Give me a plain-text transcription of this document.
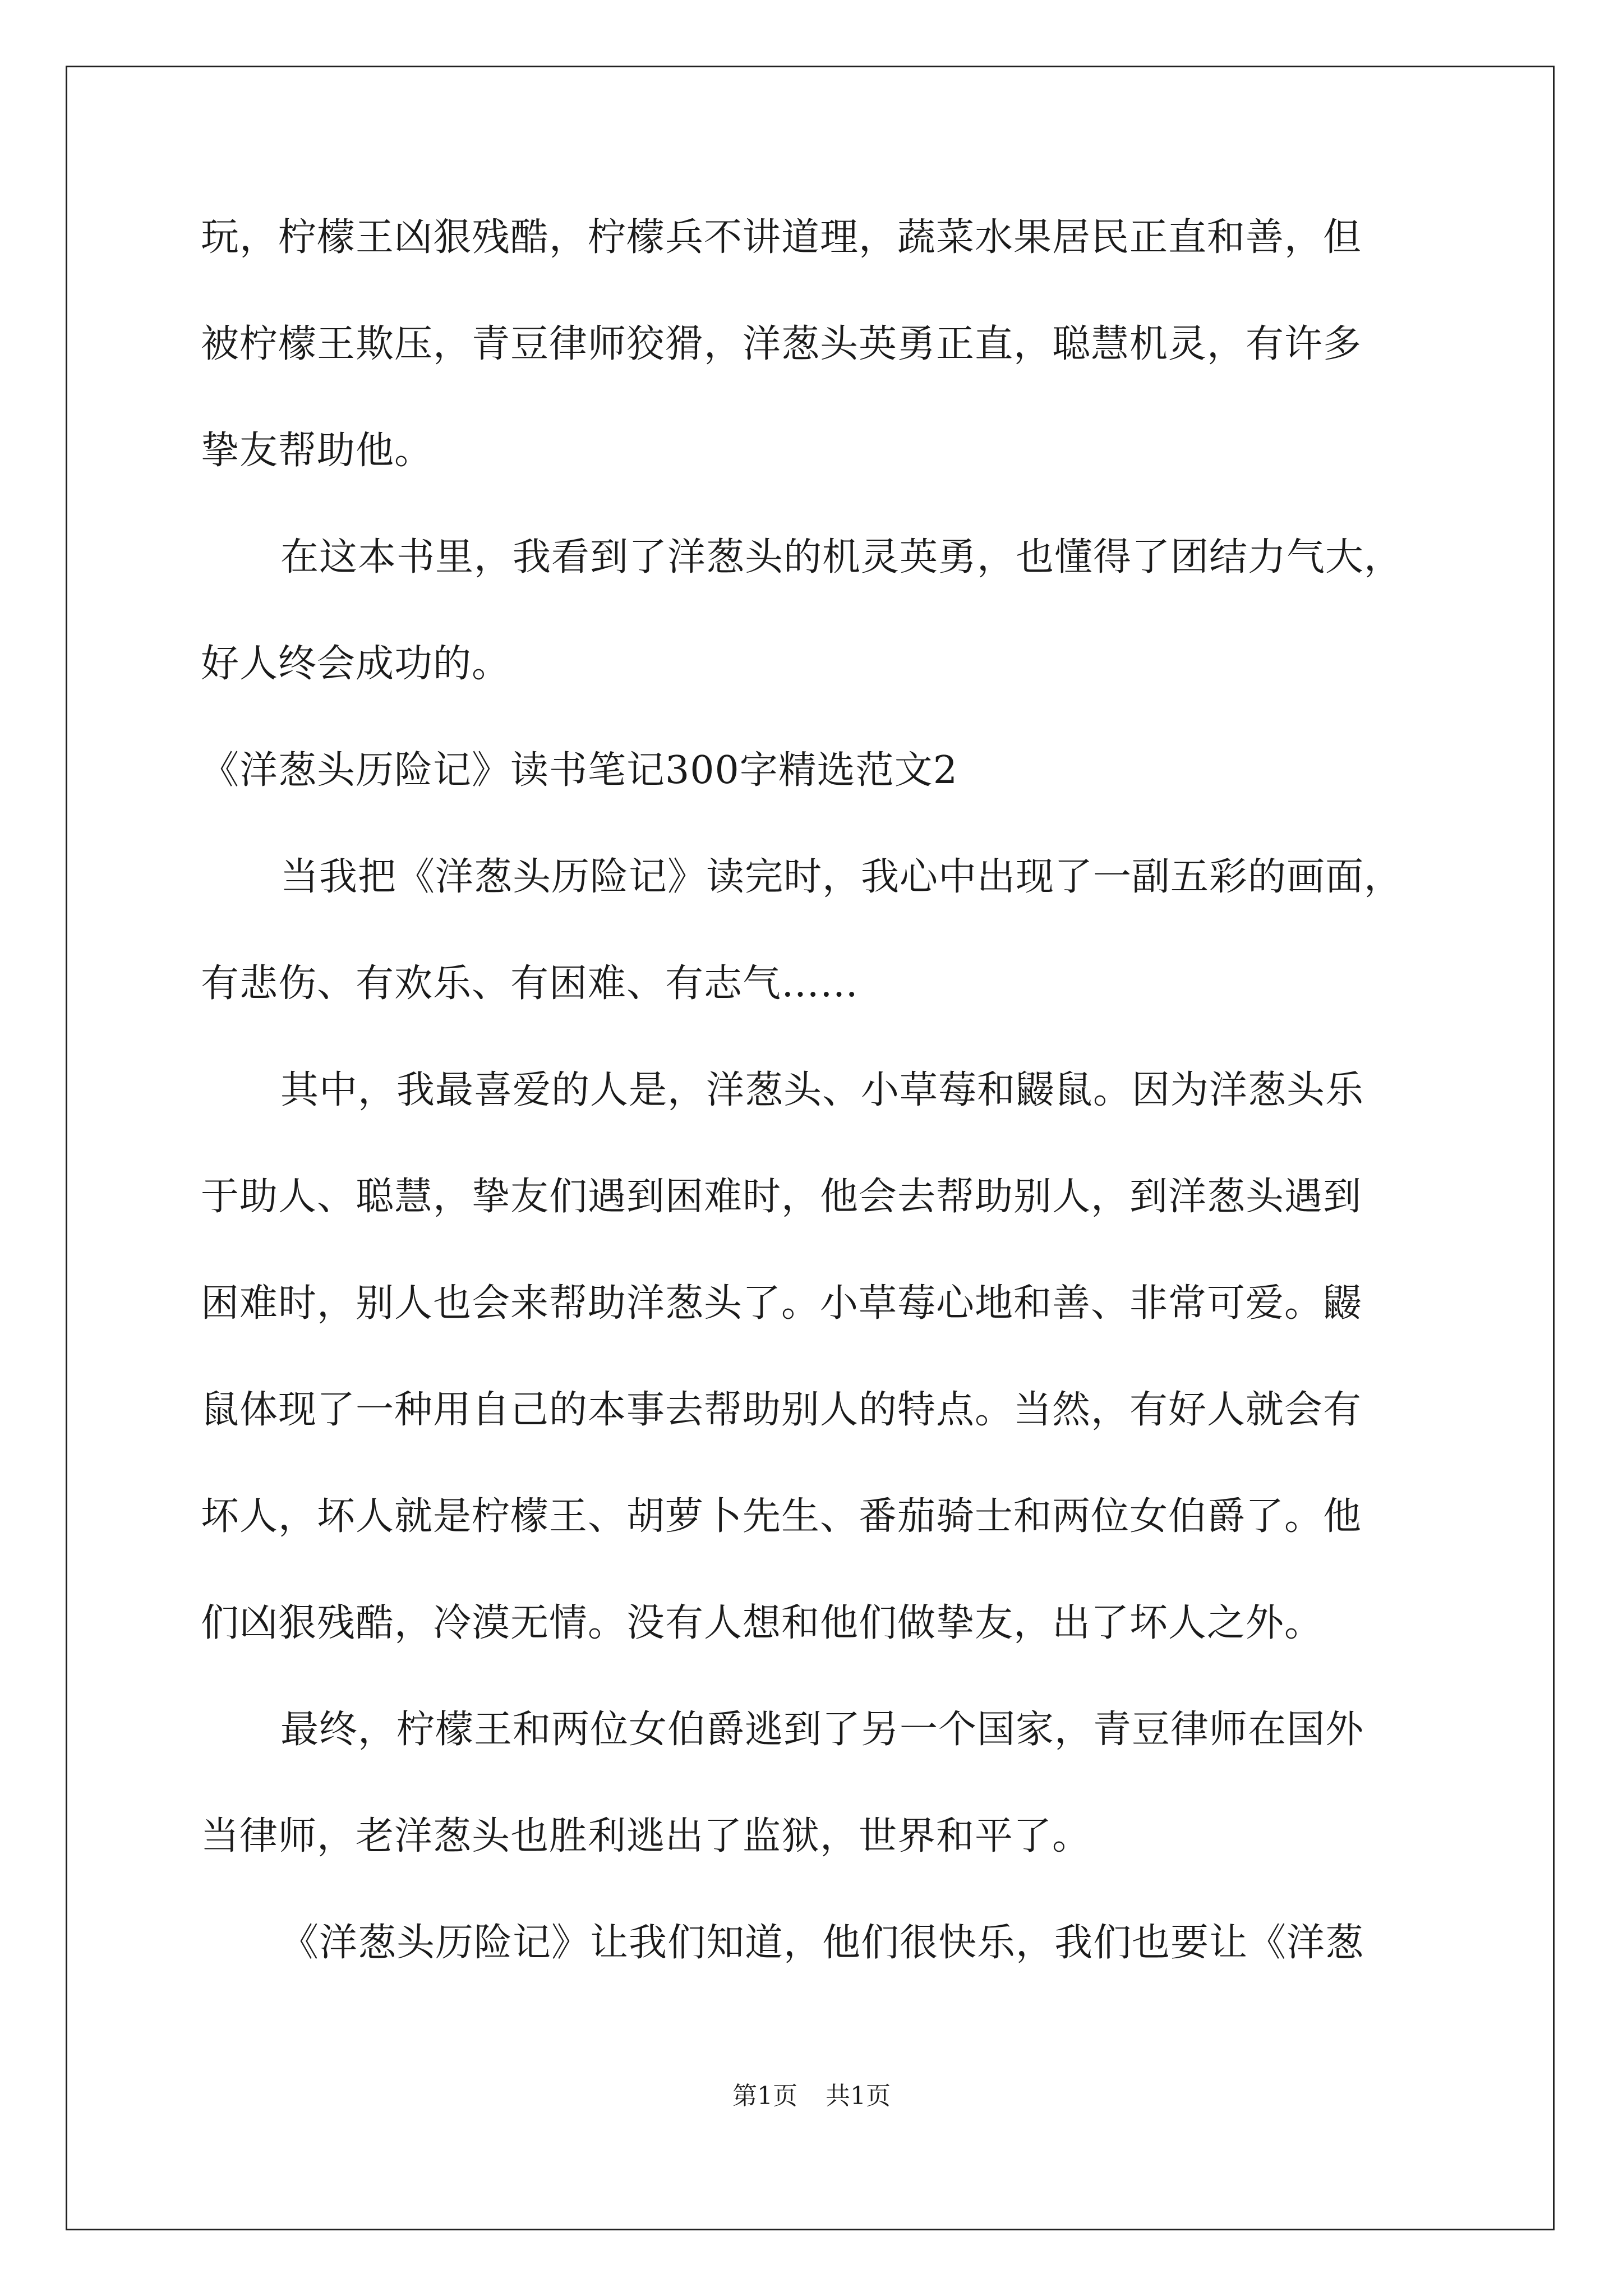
玩，柠檬王凶狠残酷，柠檬兵不讲道理，蔬菜水果居民正直和善，但
被柠檬王欺压，青豆律师狡猾，洋葱头英勇正直，聪慧机灵，有许多
挚友帮助他。
在这本书里，我看到了洋葱头的机灵英勇，也懂得了团结力气大，
好人终会成功的。
《洋葱头历险记》读书笔记300字精选范文2
当我把《洋葱头历险记》读完时，我心中出现了一副五彩的画面，
有悲伤、有欢乐、有困难、有志气……
其中，我最喜爱的人是，洋葱头、小草莓和鼹鼠。因为洋葱头乐
于助人、聪慧，挚友们遇到困难时，他会去帮助别人，到洋葱头遇到
困难时，别人也会来帮助洋葱头了。小草莓心地和善、非常可爱。鼹
鼠体现了一种用自己的本事去帮助别人的特点。当然，有好人就会有
坏人，坏人就是柠檬王、胡萝卜先生、番茄骑士和两位女伯爵了。他
们凶狠残酷，冷漠无情。没有人想和他们做挚友，出了坏人之外。
最终，柠檬王和两位女伯爵逃到了另一个国家，青豆律师在国外
当律师，老洋葱头也胜利逃出了监狱，世界和平了。
《洋葱头历险记》让我们知道，他们很快乐，我们也要让《洋葱
第1页 共1页
